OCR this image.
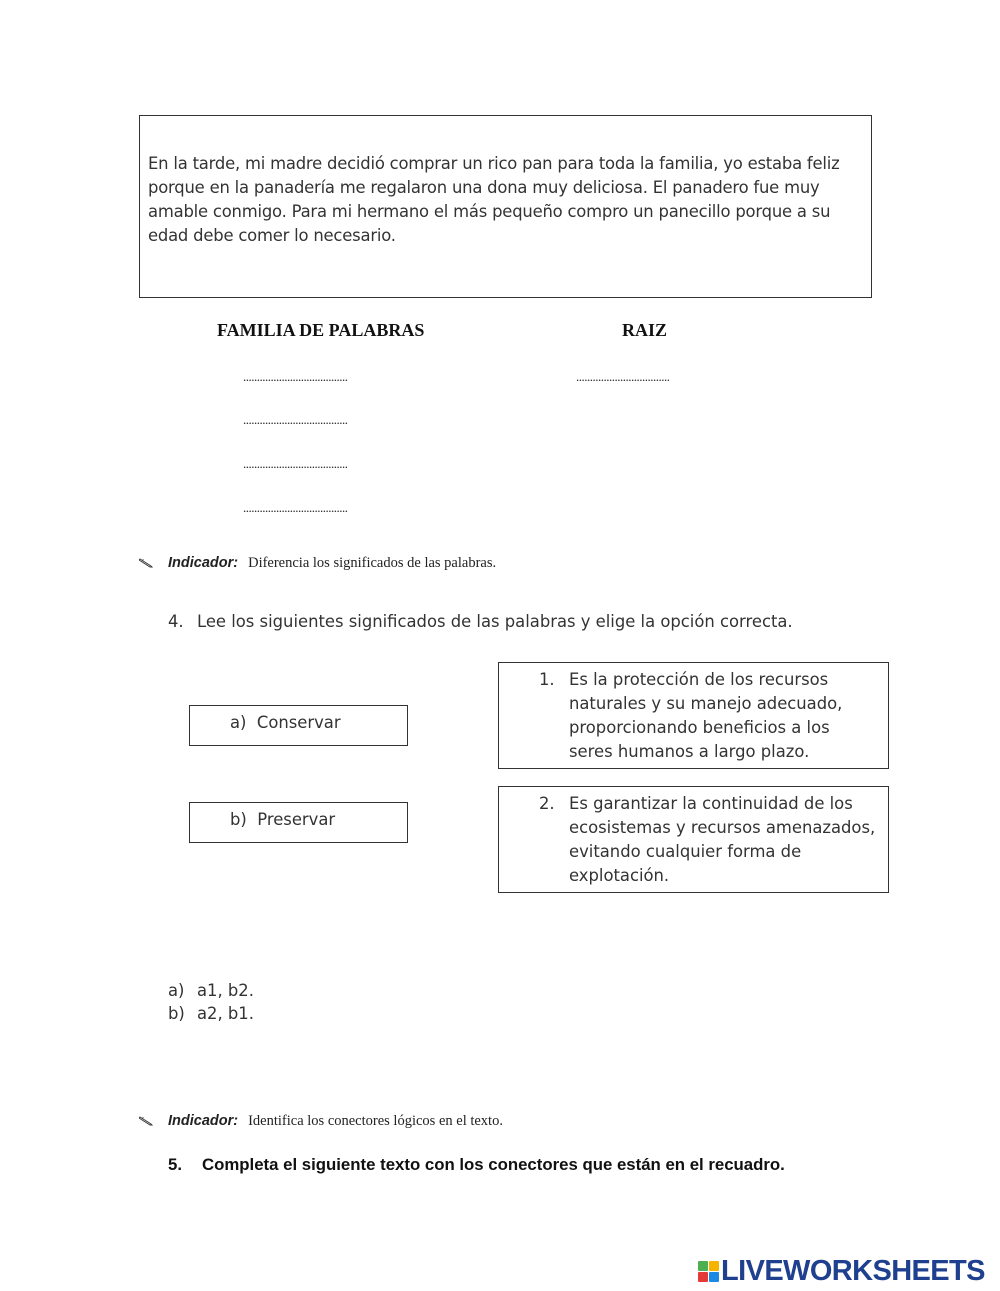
En la tarde, mi madre decidió comprar un rico pan para toda la familia, yo estaba feliz porque en la panadería me regalaron una dona muy deliciosa. El panadero fue muy amable conmigo. Para mi hermano el más pequeño compro un panecillo porque a su edad debe comer lo necesario.

FAMILIA DE PALABRAS	RAIZ
......................................
......................................
......................................
......................................
..................................
Indicador: Diferencia los significados de las palabras.
4. Lee los siguientes significados de las palabras y elige la opción correcta.
a) Conservar
b) Preservar
1. Es la protección de los recursos naturales y su manejo adecuado, proporcionando beneficios a los seres humanos a largo plazo.
2. Es garantizar la continuidad de los ecosistemas y recursos amenazados, evitando cualquier forma de explotación.
a) a1, b2.
b) a2, b1.
Indicador: Identifica los conectores lógicos en el texto.
5. Completa el siguiente texto con los conectores que están en el recuadro.
LIVEWORKSHEETS
